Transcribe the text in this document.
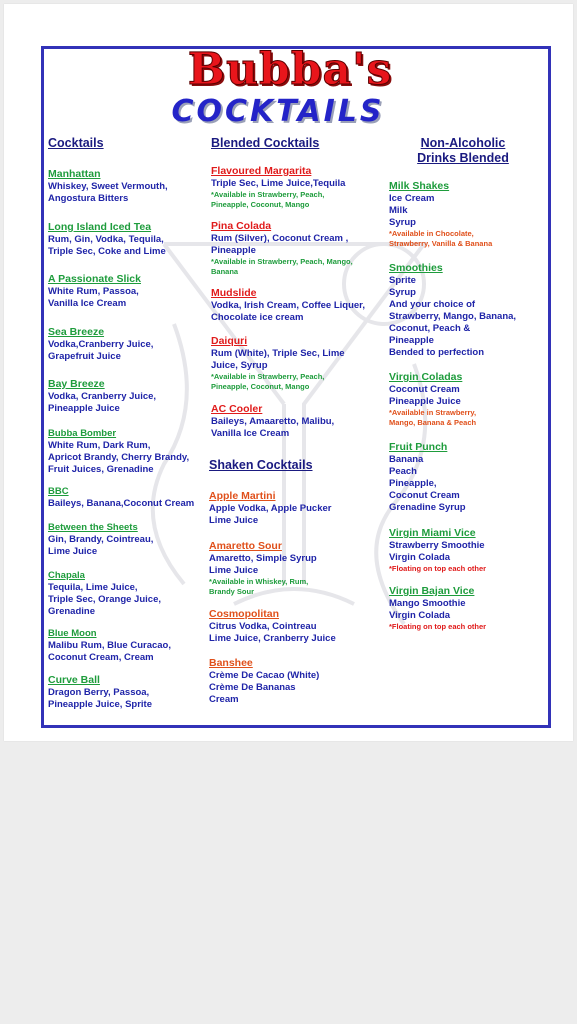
Bubba's
COCKTAILS
Cocktails
Manhattan
Whiskey, Sweet Vermouth,
Angostura Bitters
Long Island Iced Tea
Rum, Gin, Vodka, Tequila,
Triple Sec, Coke and Lime
A Passionate Slick
White Rum, Passoa,
Vanilla Ice Cream
Sea Breeze
Vodka,Cranberry Juice,
Grapefruit Juice
Bay Breeze
Vodka, Cranberry Juice,
Pineapple Juice
Bubba Bomber
White Rum, Dark Rum,
Apricot Brandy, Cherry Brandy,
Fruit Juices, Grenadine
BBC
Baileys, Banana,Coconut Cream
Between the Sheets
Gin, Brandy, Cointreau,
Lime Juice
Chapala
Tequila, Lime Juice,
Triple Sec, Orange Juice,
Grenadine
Blue Moon
Malibu Rum, Blue Curacao,
Coconut Cream, Cream
Curve Ball
Dragon Berry, Passoa,
Pineapple Juice, Sprite
Blended Cocktails
Flavoured Margarita
Triple Sec, Lime Juice,Tequila
*Available in Strawberry, Peach,
Pineapple, Coconut, Mango
Pina Colada
Rum (Silver), Coconut Cream ,
Pineapple
*Available in Strawberry, Peach, Mango,
Banana
Mudslide
Vodka, Irish Cream, Coffee Liquer,
Chocolate ice cream
Daiquri
Rum (White), Triple Sec, Lime
Juice, Syrup
*Available in Strawberry, Peach,
Pineapple, Coconut, Mango
AC Cooler
Baileys, Amaaretto, Malibu,
Vanilla Ice Cream
Shaken Cocktails
Apple Martini
Apple Vodka, Apple Pucker
Lime Juice
Amaretto Sour
Amaretto, Simple Syrup
Lime Juice
*Available in Whiskey, Rum,
Brandy Sour
Cosmopolitan
Citrus Vodka, Cointreau
Lime Juice, Cranberry Juice
Banshee
Crème De Cacao (White)
Crème De Bananas
Cream
Non-Alcoholic
Drinks Blended
Milk Shakes
Ice Cream
Milk
Syrup
*Available in Chocolate,
Strawberry, Vanilla & Banana
Smoothies
Sprite
Syrup
And your choice of
Strawberry, Mango, Banana,
Coconut, Peach &
Pineapple
Bended to perfection
Virgin Coladas
Coconut Cream
Pineapple Juice
*Available in Strawberry,
Mango, Banana & Peach
Fruit Punch
Banana
Peach
Pineapple,
Coconut Cream
Grenadine Syrup
Virgin Miami Vice
Strawberry Smoothie
Virgin Colada
*Floating on top each other
Virgin Bajan Vice
Mango Smoothie
Virgin Colada
*Floating on top each other
